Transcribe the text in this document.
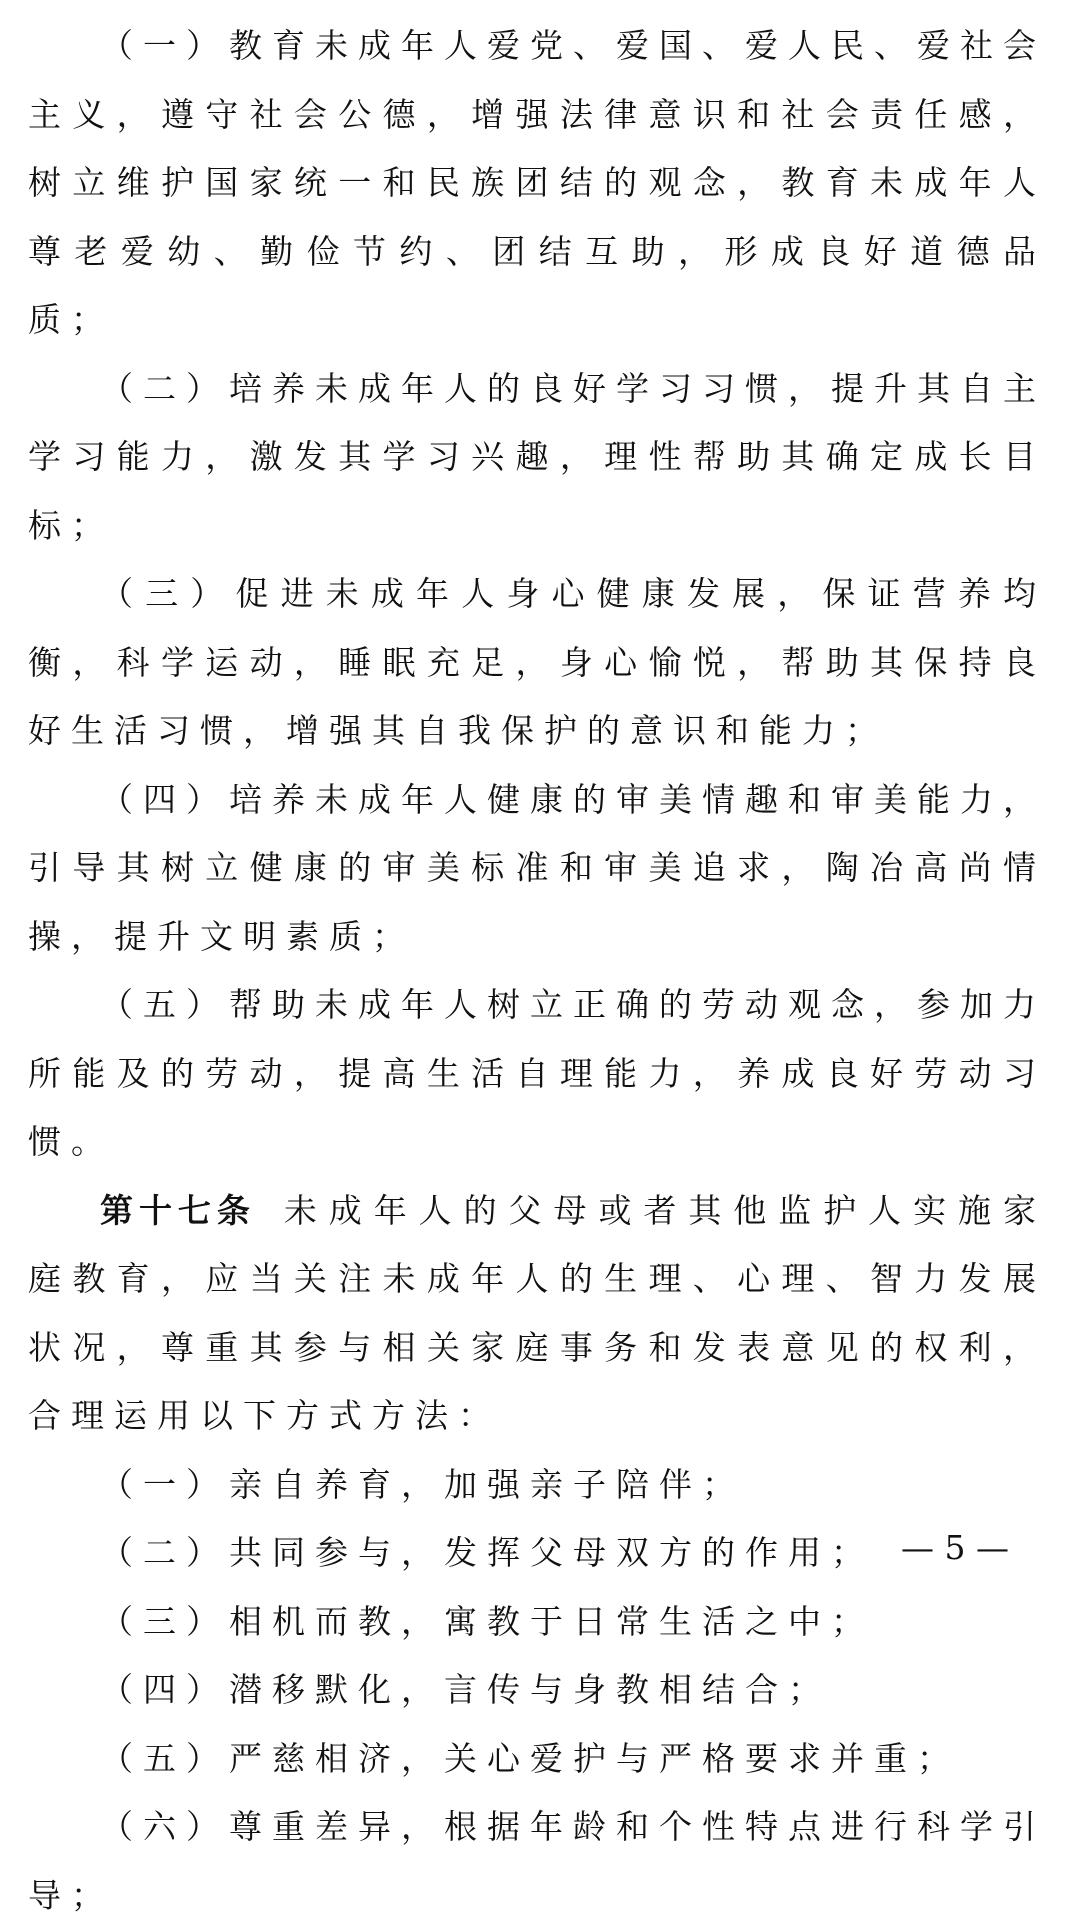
（一）教育未成年人爱党、爱国、爱人民、爱社会主义，遵守社会公德，增强法律意识和社会责任感，树立维护国家统一和民族团结的观念，教育未成年人尊老爱幼、勤俭节约、团结互助，形成良好道德品质；

（二）培养未成年人的良好学习习惯，提升其自主学习能力，激发其学习兴趣，理性帮助其确定成长目标；

（三）促进未成年人身心健康发展，保证营养均衡，科学运动，睡眠充足，身心愉悦，帮助其保持良好生活习惯，增强其自我保护的意识和能力；

（四）培养未成年人健康的审美情趣和审美能力，引导其树立健康的审美标准和审美追求，陶冶高尚情操，提升文明素质；

（五）帮助未成年人树立正确的劳动观念，参加力所能及的劳动，提高生活自理能力，养成良好劳动习惯。

第十七条 未成年人的父母或者其他监护人实施家庭教育，应当关注未成年人的生理、心理、智力发展状况，尊重其参与相关家庭事务和发表意见的权利，合理运用以下方式方法：

（一）亲自养育，加强亲子陪伴；

（二）共同参与，发挥父母双方的作用；

（三）相机而教，寓教于日常生活之中；

（四）潜移默化，言传与身教相结合；

（五）严慈相济，关心爱护与严格要求并重；

（六）尊重差异，根据年龄和个性特点进行科学引导；

— 5 —
